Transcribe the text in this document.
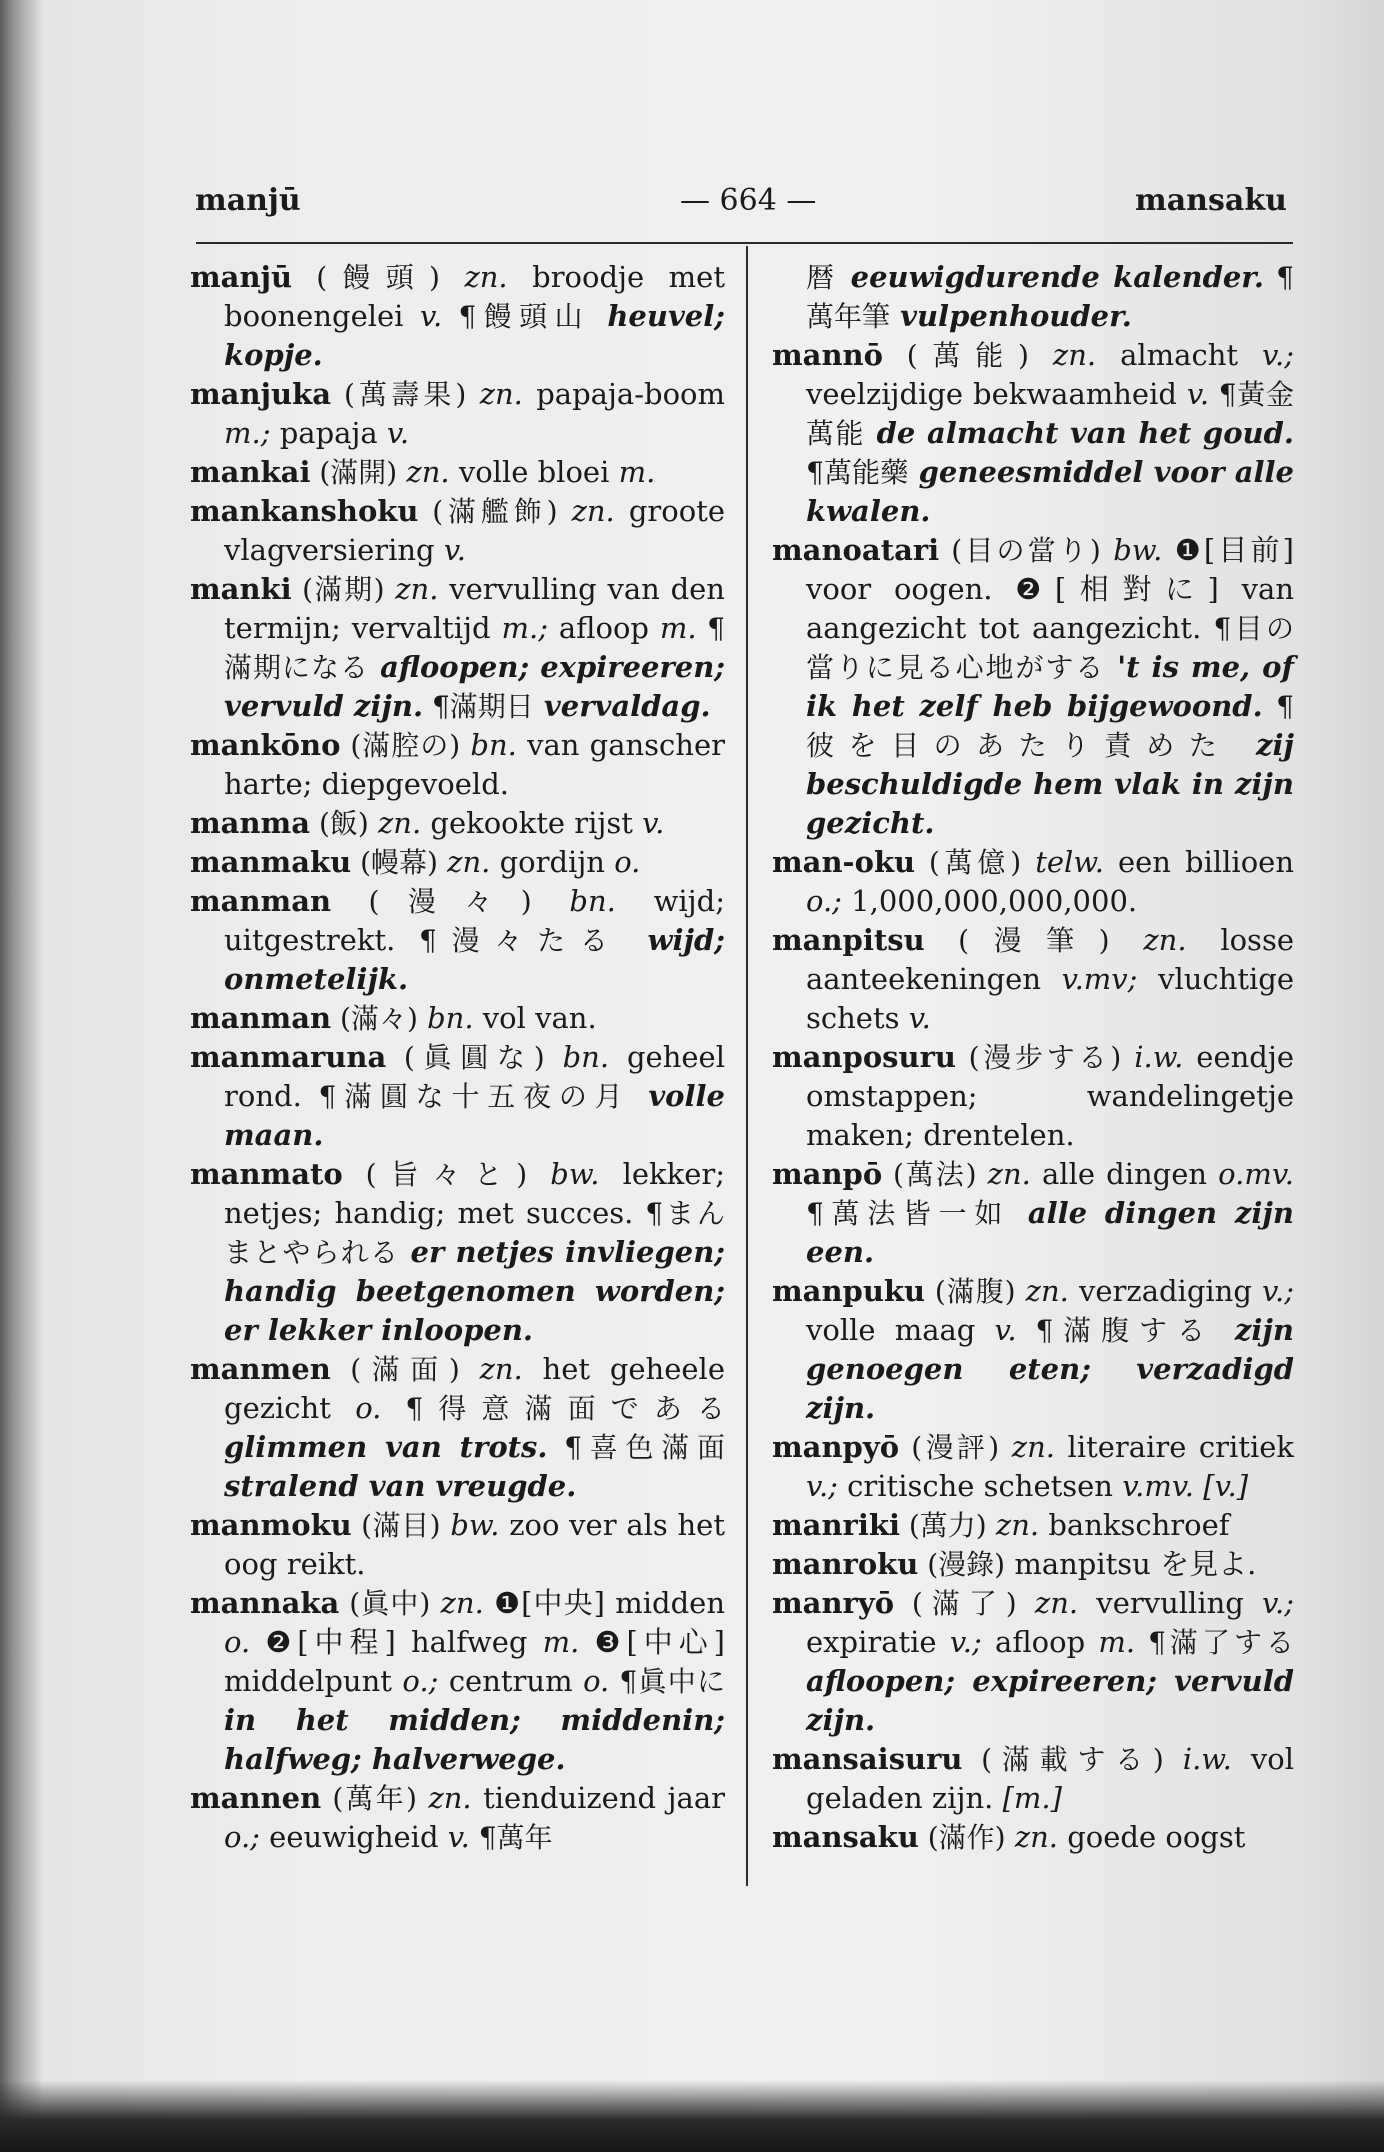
manjū	— 664 —	mansaku

manjū (饅頭) zn. broodje met boonengelei v. ¶饅頭山 heuvel; kopje.

manjuka (萬壽果) zn. papaja-boom m.; papaja v.

mankai (滿開) zn. volle bloei m.

mankanshoku (滿艦飾) zn. groote vlagversiering v.

manki (滿期) zn. vervulling van den termijn; vervaltijd m.; afloop m. ¶滿期になる afloopen; expireeren; vervuld zijn. ¶滿期日 vervaldag.

mankōno (滿腔の) bn. van ganscher harte; diepgevoeld.

manma (飯) zn. gekookte rijst v.

manmaku (幔幕) zn. gordijn o.

manman (漫々) bn. wijd; uitgestrekt. ¶漫々たる wijd; onmetelijk.

manman (滿々) bn. vol van.

manmaruna (眞圓な) bn. geheel rond. ¶滿圓な十五夜の月 volle maan.

manmato (旨々と) bw. lekker; netjes; handig; met succes. ¶まんまとやられる er netjes invliegen; handig beetgenomen worden; er lekker inloopen.

manmen (滿面) zn. het geheele gezicht o. ¶得意滿面である glimmen van trots. ¶喜色滿面 stralend van vreugde.

manmoku (滿目) bw. zoo ver als het oog reikt.

mannaka (眞中) zn. ❶[中央] midden o. ❷[中程] halfweg m. ❸[中心] middelpunt o.; centrum o. ¶眞中に in het midden; middenin; halfweg; halverwege.

mannen (萬年) zn. tienduizend jaar o.; eeuwigheid v. ¶萬年

暦 eeuwigdurende kalender. ¶萬年筆 vulpenhouder.

mannō (萬能) zn. almacht v.; veelzijdige bekwaamheid v. ¶黃金萬能 de almacht van het goud. ¶萬能藥 geneesmiddel voor alle kwalen.

manoatari (目の當り) bw. ❶[目前] voor oogen. ❷[相對に] van aangezicht tot aangezicht. ¶目の當りに見る心地がする 't is me, of ik het zelf heb bijgewoond. ¶彼を目のあたり責めた zij beschuldigde hem vlak in zijn gezicht.

man-oku (萬億) telw. een billioen o.; 1,000,000,000,000.

manpitsu (漫筆) zn. losse aanteekeningen v.mv; vluchtige schets v.

manposuru (漫步する) i.w. eendje omstappen; wandelingetje maken; drentelen.

manpō (萬法) zn. alle dingen o.mv. ¶萬法皆一如 alle dingen zijn een.

manpuku (滿腹) zn. verzadiging v.; volle maag v. ¶滿腹する zijn genoegen eten; verzadigd zijn.

manpyō (漫評) zn. literaire critiek v.; critische schetsen v.mv. [v.]

manriki (萬力) zn. bankschroef

manroku (漫錄) manpitsu を見よ.

manryō (滿了) zn. vervulling v.; expiratie v.; afloop m. ¶滿了する afloopen; expireeren; vervuld zijn.

mansaisuru (滿載する) i.w. vol geladen zijn. [m.]

mansaku (滿作) zn. goede oogst
